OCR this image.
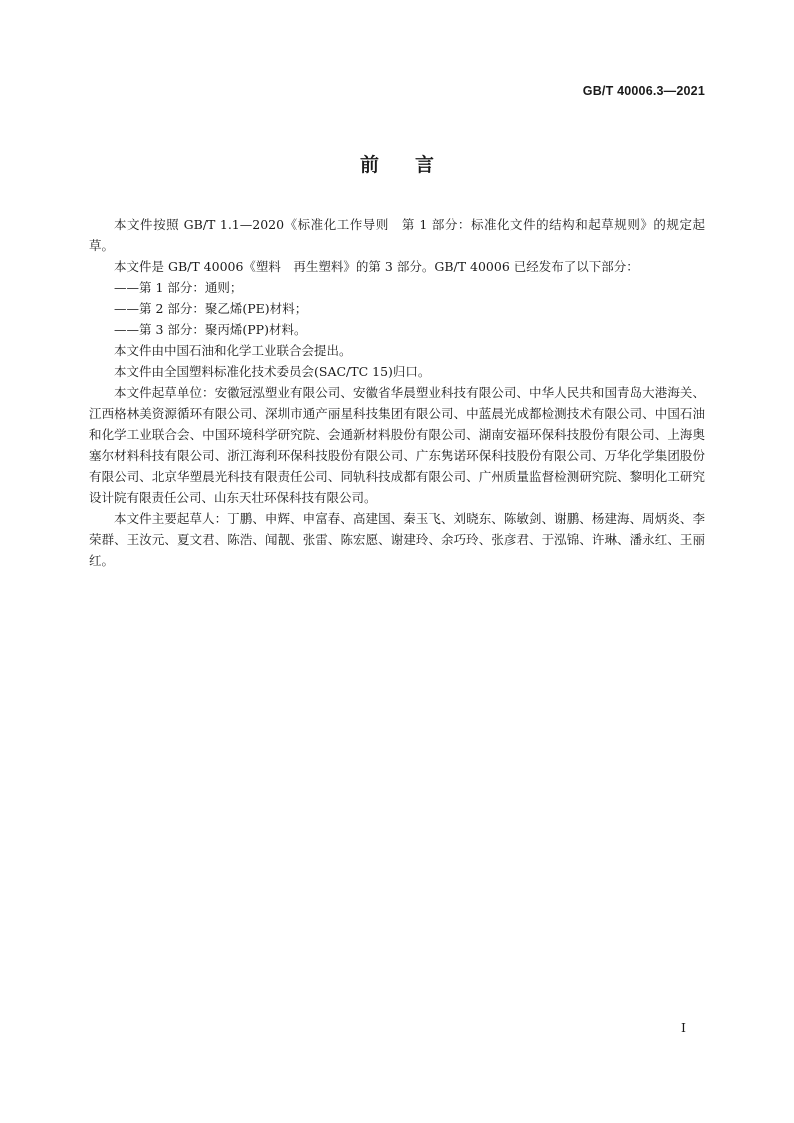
GB/T 40006.3—2021
前言

本文件按照 GB/T 1.1—2020《标准化工作导则　第 1 部分：标准化文件的结构和起草规则》的规定起草。

本文件是 GB/T 40006《塑料　再生塑料》的第 3 部分。GB/T 40006 已经发布了以下部分：

——第 1 部分：通则；

——第 2 部分：聚乙烯(PE)材料；

——第 3 部分：聚丙烯(PP)材料。

本文件由中国石油和化学工业联合会提出。

本文件由全国塑料标准化技术委员会(SAC/TC 15)归口。

本文件起草单位：安徽冠泓塑业有限公司、安徽省华晨塑业科技有限公司、中华人民共和国青岛大港海关、江西格林美资源循环有限公司、深圳市通产丽星科技集团有限公司、中蓝晨光成都检测技术有限公司、中国石油和化学工业联合会、中国环境科学研究院、会通新材料股份有限公司、湖南安福环保科技股份有限公司、上海奥塞尔材料科技有限公司、浙江海利环保科技股份有限公司、广东隽诺环保科技股份有限公司、万华化学集团股份有限公司、北京华塑晨光科技有限责任公司、同轨科技成都有限公司、广州质量监督检测研究院、黎明化工研究设计院有限责任公司、山东天壮环保科技有限公司。

本文件主要起草人：丁鹏、申辉、申富春、高建国、秦玉飞、刘晓东、陈敏剑、谢鹏、杨建海、周炳炎、李荣群、王汝元、夏文君、陈浩、闻靓、张雷、陈宏愿、谢建玲、余巧玲、张彦君、于泓锦、许琳、潘永红、王丽红。

I
